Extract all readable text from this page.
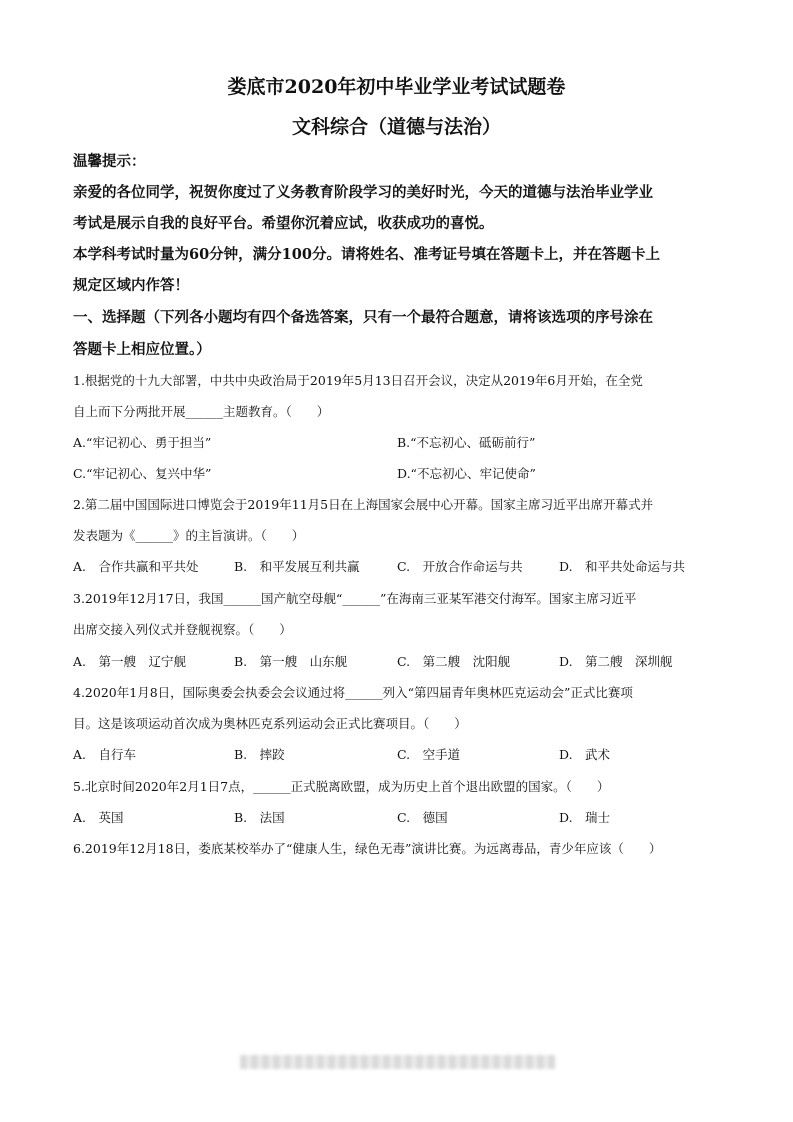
娄底市2020年初中毕业学业考试试题卷
文科综合（道德与法治）
温馨提示：
亲爱的各位同学，祝贺你度过了义务教育阶段学习的美好时光，今天的道德与法治毕业学业
考试是展示自我的良好平台。希望你沉着应试，收获成功的喜悦。
本学科考试时量为60分钟，满分100分。请将姓名、准考证号填在答题卡上，并在答题卡上
规定区域内作答！
一、选择题（下列各小题均有四个备选答案，只有一个最符合题意，请将该选项的序号涂在
答题卡上相应位置。）
1.根据党的十九大部署，中共中央政治局于2019年5月13日召开会议，决定从2019年6月开始，在全党
自上而下分两批开展______主题教育。（　　）
A.“牢记初心、勇于担当”	B.“不忘初心、砥砺前行”
C.“牢记初心、复兴中华”	D.“不忘初心、牢记使命”
2.第二届中国国际进口博览会于2019年11月5日在上海国家会展中心开幕。国家主席习近平出席开幕式并
发表题为《______》的主旨演讲。（　　）
A.　合作共赢和平共处	B.　和平发展互利共赢	C.　开放合作命运与共	D.　和平共处命运与共
3.2019年12月17日，我国______国产航空母舰“______”在海南三亚某军港交付海军。国家主席习近平
出席交接入列仪式并登舰视察。（　　）
A.　第一艘　辽宁舰	B.　第一艘　山东舰	C.　第二艘　沈阳舰	D.　第二艘　深圳舰
4.2020年1月8日，国际奥委会执委会会议通过将______列入“第四届青年奥林匹克运动会”正式比赛项
目。这是该项运动首次成为奥林匹克系列运动会正式比赛项目。（　　）
A.　自行车	B.　摔跤	C.　空手道	D.　武术
5.北京时间2020年2月1日7点，______正式脱离欧盟，成为历史上首个退出欧盟的国家。（　　）
A.　英国	B.　法国	C.　德国	D.　瑞士
6.2019年12月18日，娄底某校举办了“健康人生，绿色无毒”演讲比赛。为远离毒品，青少年应该（　　）
